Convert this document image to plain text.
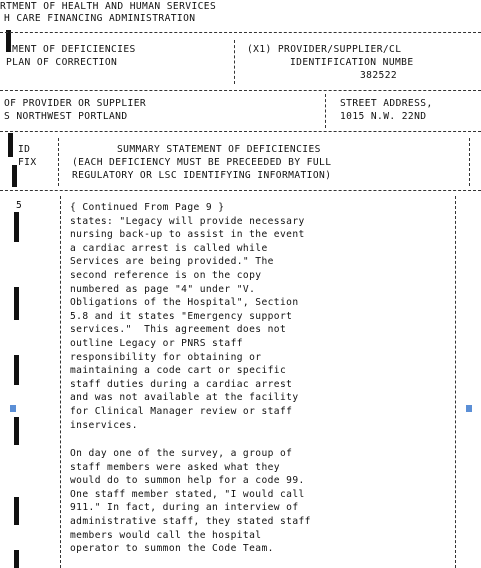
RTMENT OF HEALTH AND HUMAN SERVICES
H CARE FINANCING ADMINISTRATION
EMENT OF DEFICIENCIES
PLAN OF CORRECTION
(X1) PROVIDER/SUPPLIER/CL
IDENTIFICATION NUMBE
382522
OF PROVIDER OR SUPPLIER
S NORTHWEST PORTLAND
STREET ADDRESS,
1015 N.W. 22ND
ID
FIX
SUMMARY STATEMENT OF DEFICIENCIES
(EACH DEFICIENCY MUST BE PRECEEDED BY FULL
REGULATORY OR LSC IDENTIFYING INFORMATION)
5	{ Continued From Page 9 }
states: "Legacy will provide necessary
nursing back-up to assist in the event
a cardiac arrest is called while
Services are being provided." The
second reference is on the copy
numbered as page "4" under "V.
Obligations of the Hospital", Section
5.8 and it states "Emergency support
services."  This agreement does not
outline Legacy or PNRS staff
responsibility for obtaining or
maintaining a code cart or specific
staff duties during a cardiac arrest
and was not available at the facility
for Clinical Manager review or staff
inservices.
On day one of the survey, a group of
staff members were asked what they
would do to summon help for a code 99.
One staff member stated, "I would call
911." In fact, during an interview of
administrative staff, they stated staff
members would call the hospital
operator to summon the Code Team.
